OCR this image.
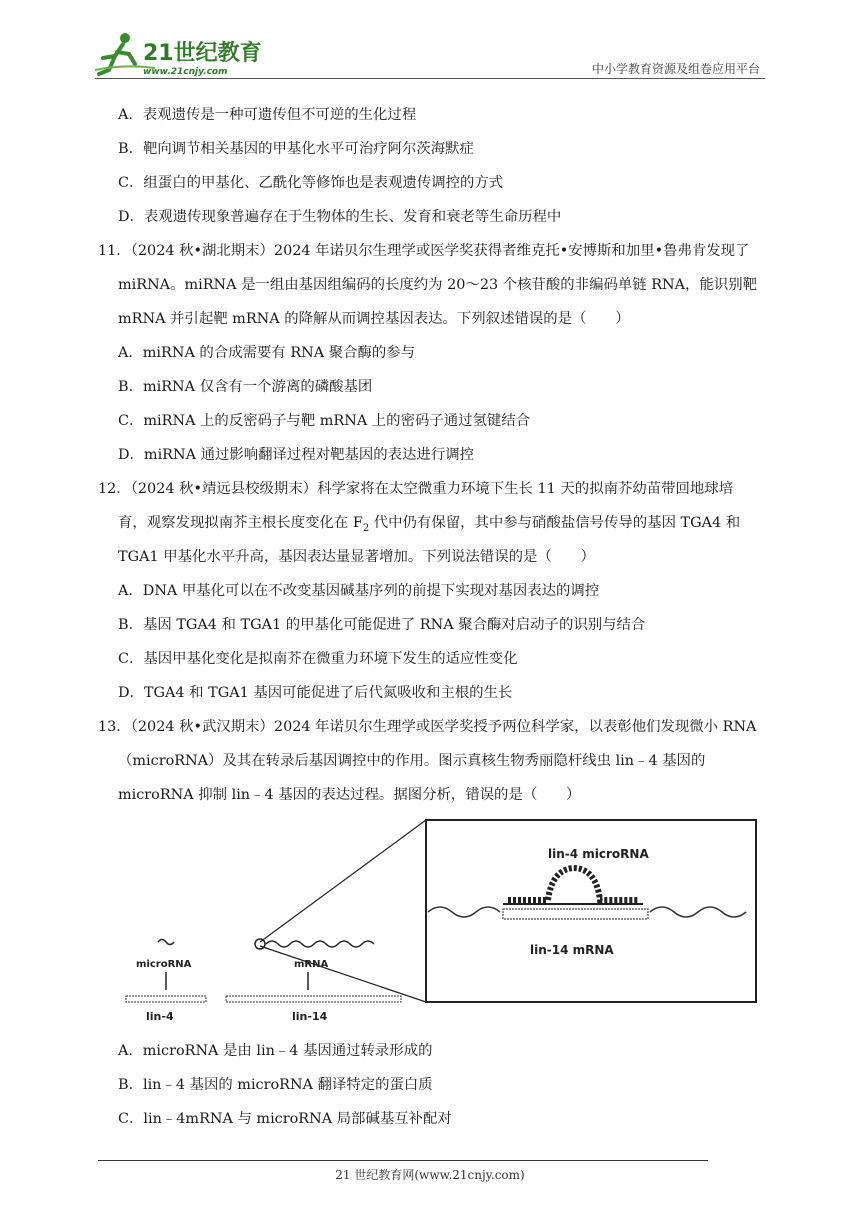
21世纪教育
www.21cnjy.com	中小学教育资源及组卷应用平台
A．表观遗传是一种可遗传但不可逆的生化过程
B．靶向调节相关基因的甲基化水平可治疗阿尔茨海默症
C．组蛋白的甲基化、乙酰化等修饰也是表观遗传调控的方式
D．表观遗传现象普遍存在于生物体的生长、发育和衰老等生命历程中
11．（2024 秋•湖北期末）2024 年诺贝尔生理学或医学奖获得者维克托•安博斯和加里•鲁弗肯发现了
miRNA。miRNA 是一组由基因组编码的长度约为 20～23 个核苷酸的非编码单链 RNA，能识别靶
mRNA 并引起靶 mRNA 的降解从而调控基因表达。下列叙述错误的是（　　）
A．miRNA 的合成需要有 RNA 聚合酶的参与
B．miRNA 仅含有一个游离的磷酸基团
C．miRNA 上的反密码子与靶 mRNA 上的密码子通过氢键结合
D．miRNA 通过影响翻译过程对靶基因的表达进行调控
12．（2024 秋•靖远县校级期末）科学家将在太空微重力环境下生长 11 天的拟南芥幼苗带回地球培
育，观察发现拟南芥主根长度变化在 $F_2$ 代中仍有保留，其中参与硝酸盐信号传导的基因 TGA4 和
TGA1 甲基化水平升高，基因表达量显著增加。下列说法错误的是（　　）
A．DNA 甲基化可以在不改变基因碱基序列的前提下实现对基因表达的调控
B．基因 TGA4 和 TGA1 的甲基化可能促进了 RNA 聚合酶对启动子的识别与结合
C．基因甲基化变化是拟南芥在微重力环境下发生的适应性变化
D．TGA4 和 TGA1 基因可能促进了后代氮吸收和主根的生长
13．（2024 秋•武汉期末）2024 年诺贝尔生理学或医学奖授予两位科学家，以表彰他们发现微小 RNA
（microRNA）及其在转录后基因调控中的作用。图示真核生物秀丽隐杆线虫 lin﹣4 基因的
microRNA 抑制 lin﹣4 基因的表达过程。据图分析，错误的是（　　）
lin-4 microRNA
lin-14 mRNA
microRNA
lin-4
mRNA
lin-14
A．microRNA 是由 lin﹣4 基因通过转录形成的
B．lin﹣4 基因的 microRNA 翻译特定的蛋白质
C．lin﹣4mRNA 与 microRNA 局部碱基互补配对
21 世纪教育网(www.21cnjy.com)
